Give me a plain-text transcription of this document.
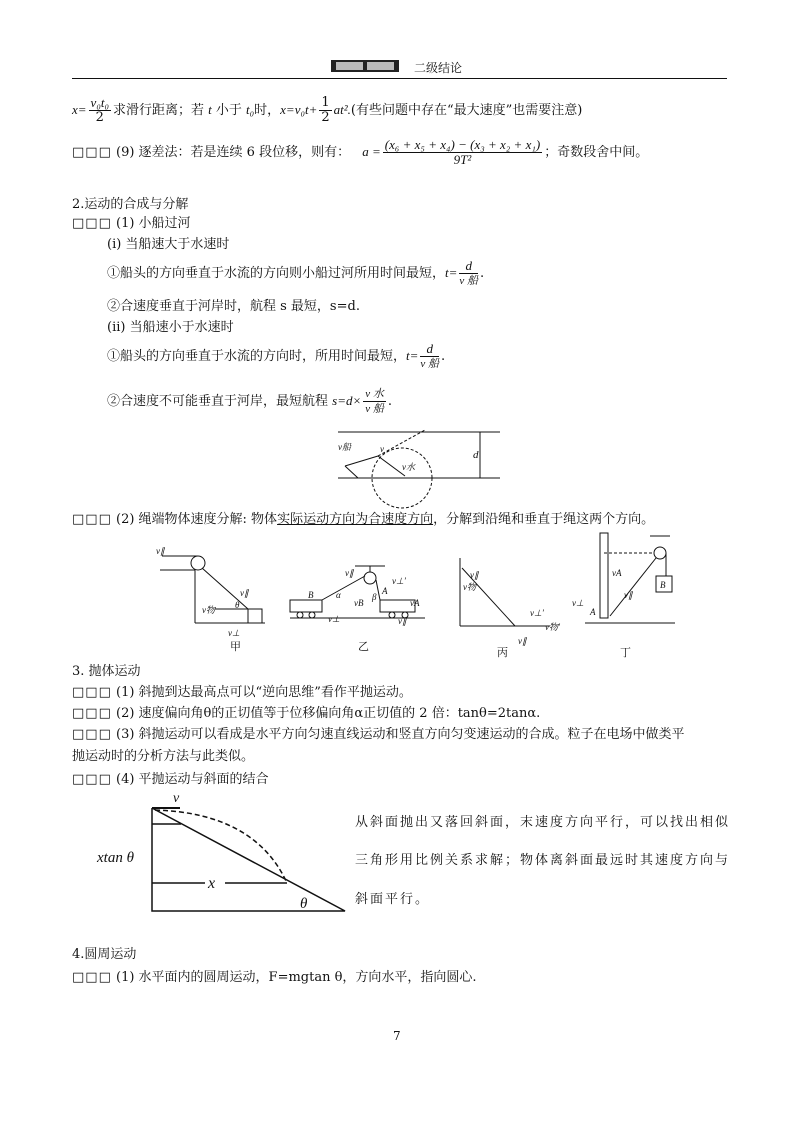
二级结论
$x= \frac{\text{v₀t₀}}{2}$ 求滑行距离；若 t 小于 t₀时，$x=v_0t+ \frac{1}{2} at^2$.(有些问题中存在“最大速度”也需要注意)
□□□ (9) 逐差法：若是连续 6 段位移，则有： $a = \frac{\text{(x₆ + x₅ + x₄) − (x₃ + x₂ + x₁)}}{\text{9T²}}$ ；奇数段舍中间。
2.运动的合成与分解
□□□ (1) 小船过河
(i) 当船速大于水速时
①船头的方向垂直于水流的方向则小船过河所用时间最短，$t= \frac{d}{\text{v 船}}$ .
②合速度垂直于河岸时，航程 s 最短，s=d.
(ii) 当船速小于水速时
①船头的方向垂直于水流的方向时，所用时间最短，$t= \frac{d}{\text{v 船}}$ .
②合速度不可能垂直于河岸，最短航程 $s=d\times \frac{\text{v 水}}{\text{v 船}}$ .
v船	v
v水
d
□□□ (2) 绳端物体速度分解: 物体实际运动方向为合速度方向，分解到沿绳和垂直于绳这两个方向。
v∥
v∥
v物 θ
v⊥
甲
B	α
v∥
vB
v⊥
β
A
v⊥′
vA
v∥
乙
v∥
v物
v⊥′
v物′
v∥
丙
B
A
vA
v∥
v⊥
丁
3. 抛体运动
□□□ (1) 斜抛到达最高点可以“逆向思维”看作平抛运动。
□□□ (2) 速度偏向角θ的正切值等于位移偏向角α正切值的 2 倍：tanθ=2tanα.
□□□ (3) 斜抛运动可以看成是水平方向匀速直线运动和竖直方向匀变速运动的合成。粒子在电场中做类平
抛运动时的分析方法与此类似。
□□□ (4) 平抛运动与斜面的结合
v
xtan θ
x
θ
从斜面抛出又落回斜面，末速度方向平行，可以找出相似
三角形用比例关系求解；物体离斜面最远时其速度方向与
斜面平行。
4.圆周运动
□□□ (1) 水平面内的圆周运动，F=mgtan θ，方向水平，指向圆心.
7
